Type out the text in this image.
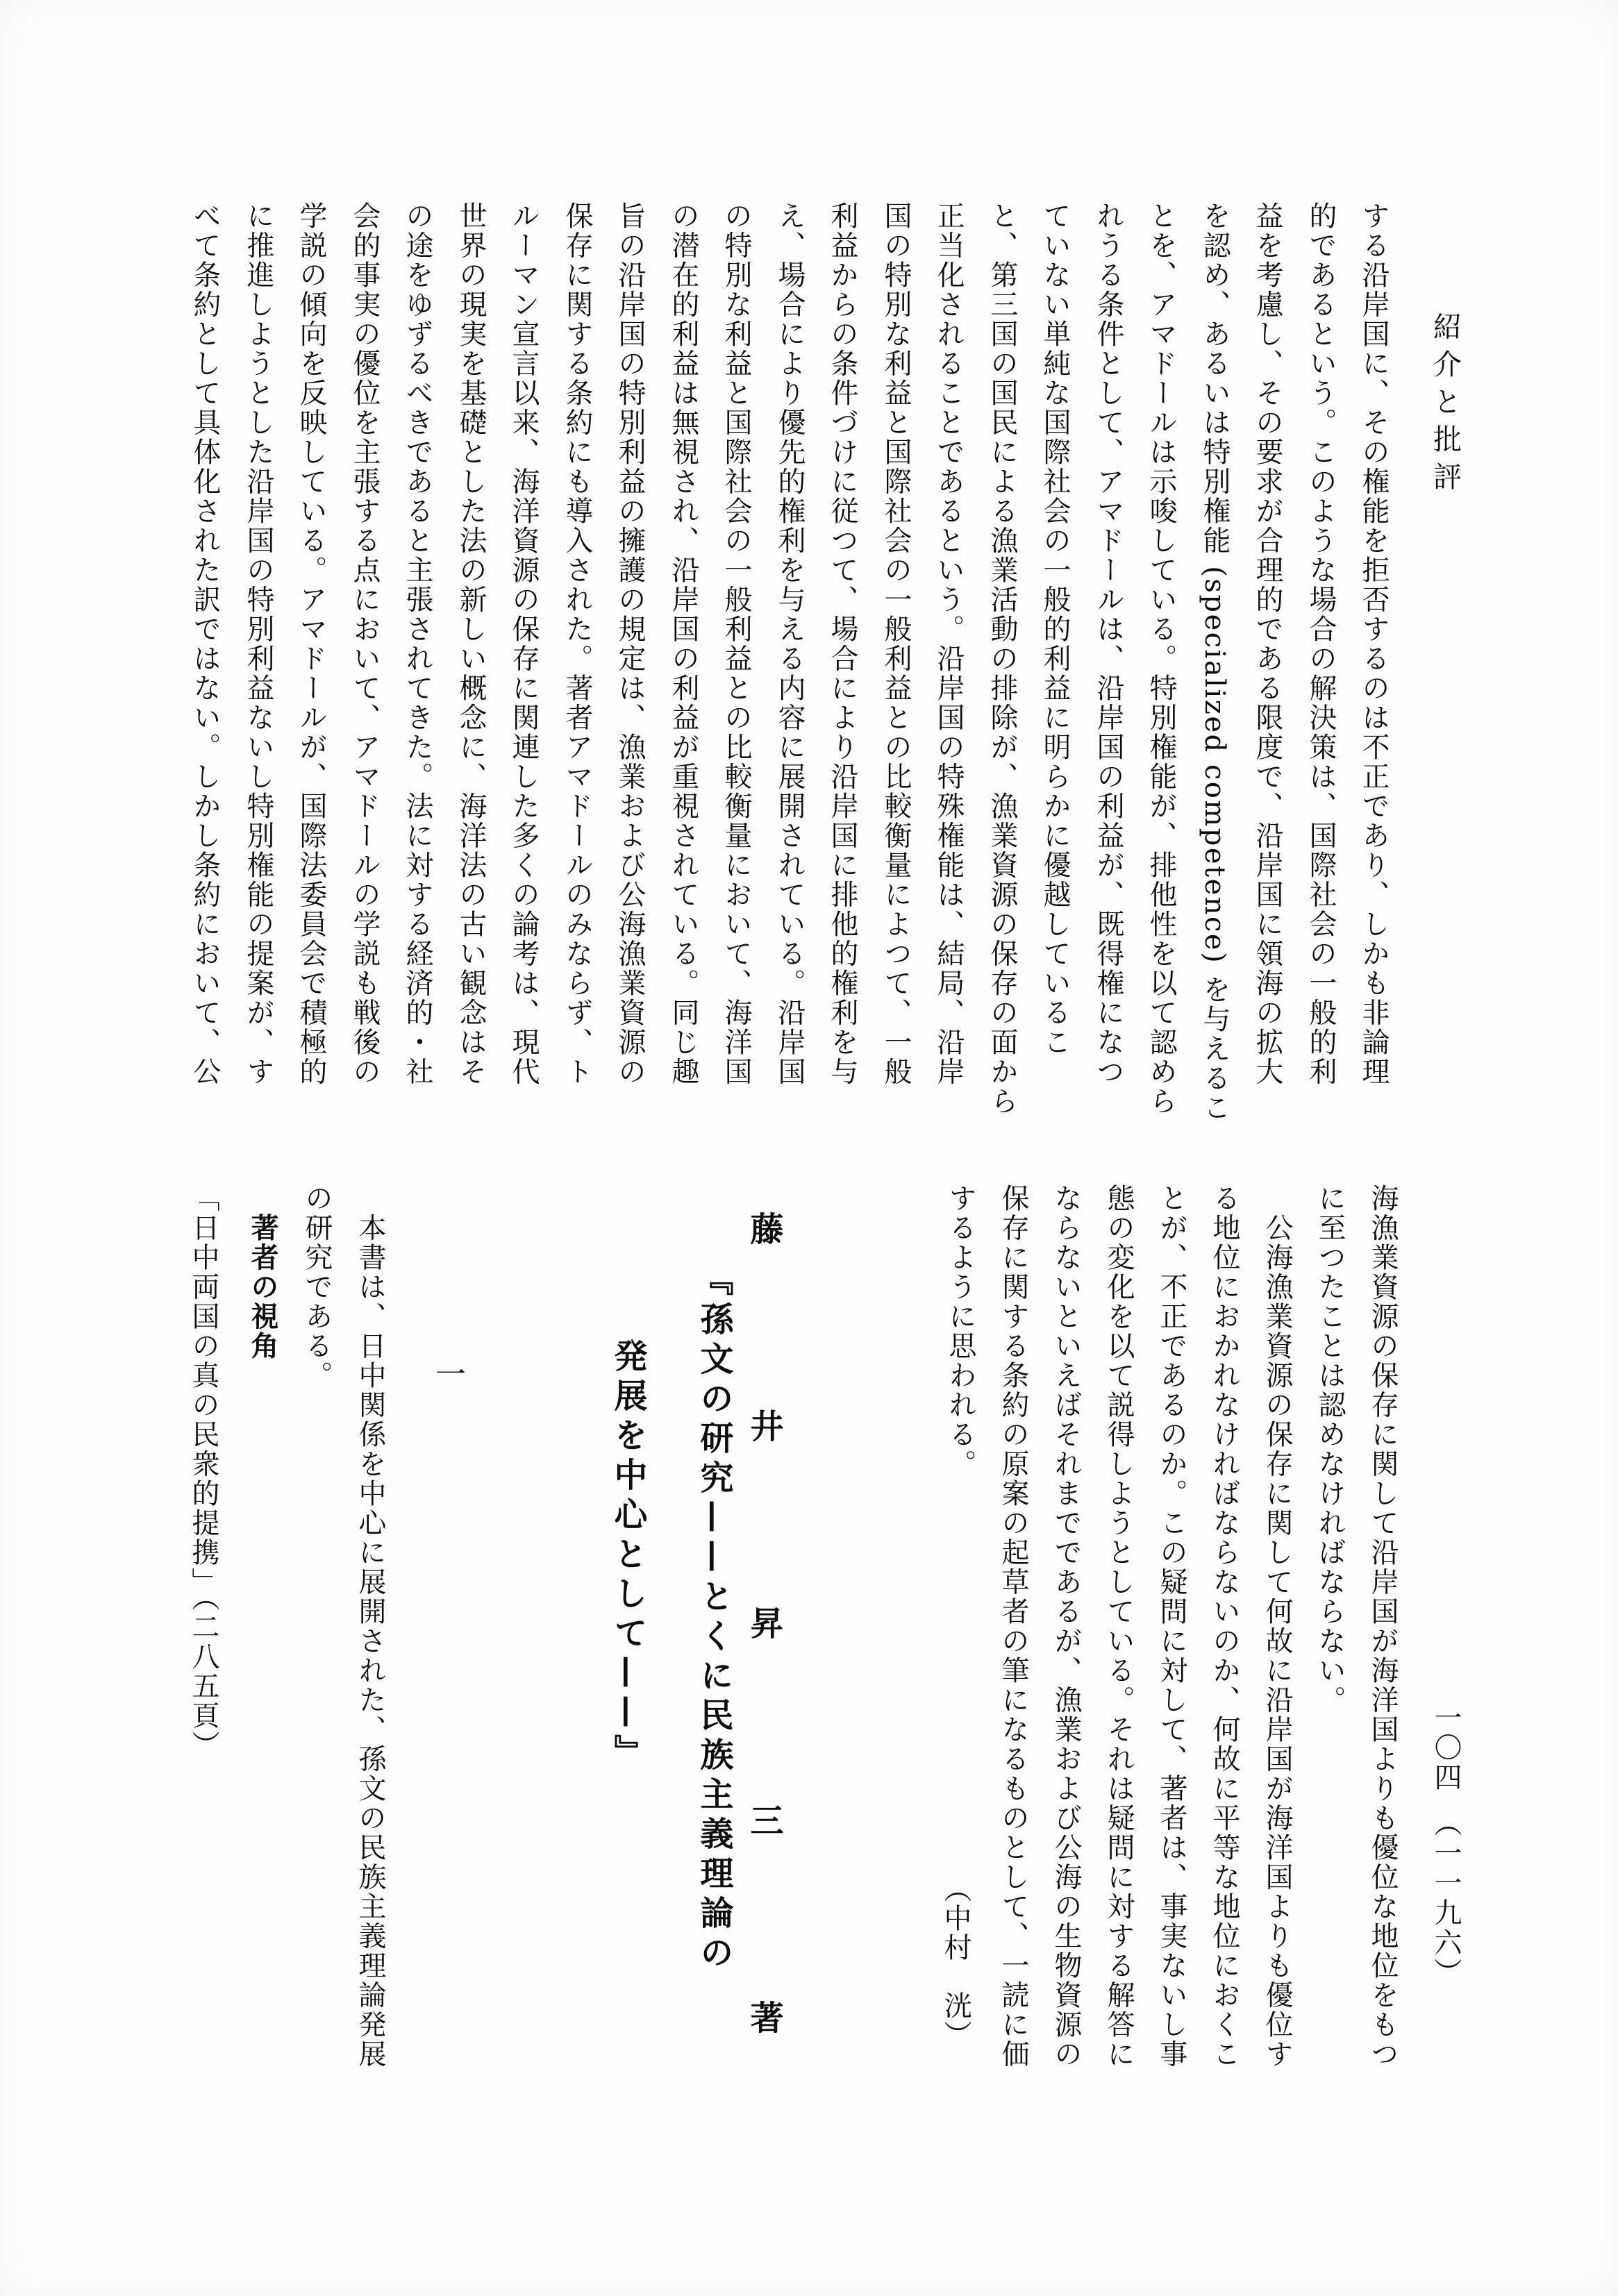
紹介と批評
一〇四　（一一九六）
する沿岸国に、その権能を拒否するのは不正であり、しかも非論理
的であるという。このような場合の解決策は、国際社会の一般的利
益を考慮し、その要求が合理的である限度で、沿岸国に領海の拡大
を認め、あるいは特別権能 (specialized competence) を与えるこ
とを、アマドールは示唆している。特別権能が、排他性を以て認めら
れうる条件として、アマドールは、沿岸国の利益が、既得権になつ
ていない単純な国際社会の一般的利益に明らかに優越しているこ
と、第三国の国民による漁業活動の排除が、漁業資源の保存の面から
正当化されることであるという。沿岸国の特殊権能は、結局、沿岸
国の特別な利益と国際社会の一般利益との比較衡量によつて、一般
利益からの条件づけに従つて、場合により沿岸国に排他的権利を与
え、場合により優先的権利を与える内容に展開されている。沿岸国
の特別な利益と国際社会の一般利益との比較衡量において、海洋国
の潜在的利益は無視され、沿岸国の利益が重視されている。同じ趣
旨の沿岸国の特別利益の擁護の規定は、漁業および公海漁業資源の
保存に関する条約にも導入された。著者アマドールのみならず、ト
ルーマン宣言以来、海洋資源の保存に関連した多くの論考は、現代
世界の現実を基礎とした法の新しい概念に、海洋法の古い観念はそ
の途をゆずるべきであると主張されてきた。法に対する経済的・社
会的事実の優位を主張する点において、アマドールの学説も戦後の
学説の傾向を反映している。アマドールが、国際法委員会で積極的
に推進しようとした沿岸国の特別利益ないし特別権能の提案が、す
べて条約として具体化された訳ではない。しかし条約において、公
海漁業資源の保存に関して沿岸国が海洋国よりも優位な地位をもつ
に至つたことは認めなければならない。
　公海漁業資源の保存に関して何故に沿岸国が海洋国よりも優位す
る地位におかれなければならないのか、何故に平等な地位におくこ
とが、不正であるのか。この疑問に対して、著者は、事実ないし事
態の変化を以て説得しようとしている。それは疑問に対する解答に
ならないといえばそれまでであるが、漁業および公海の生物資源の
保存に関する条約の原案の起草者の筆になるものとして、一読に価
するように思われる。
（中村　洸）
藤井昇三著
『孫文の研究——とくに民族主義理論の
発展を中心として——』
一
　本書は、日中関係を中心に展開された、孫文の民族主義理論発展
の研究である。
　著者の視角
「日中両国の真の民衆的提携」（二八五頁）
